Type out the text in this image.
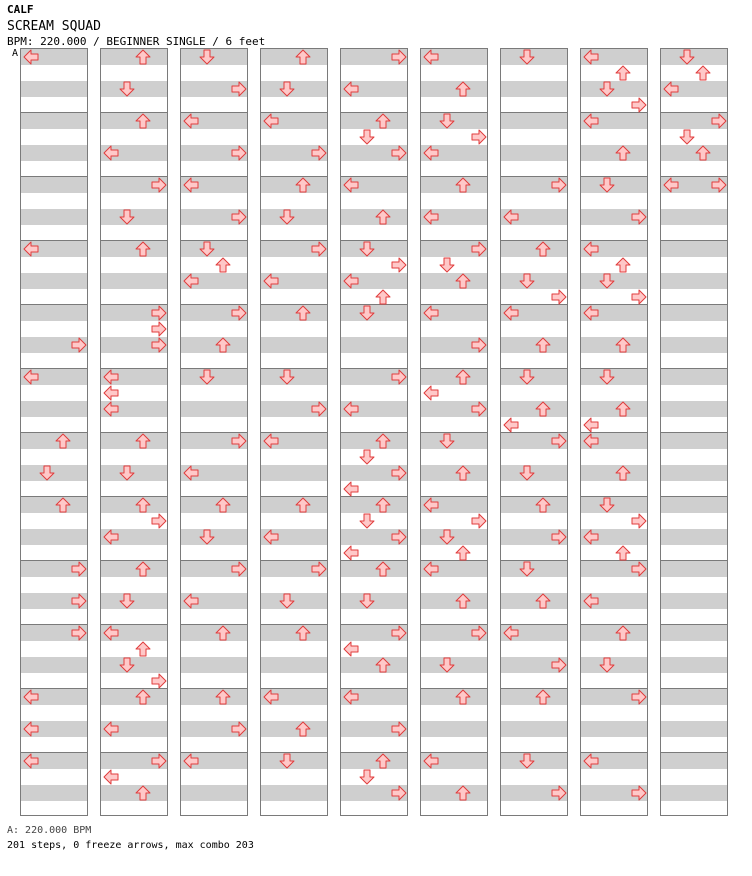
CALF
SCREAM SQUAD
BPM: 220.000 / BEGINNER SINGLE / 6 feet
A
A: 220.000 BPM
201 steps, 0 freeze arrows, max combo 203
